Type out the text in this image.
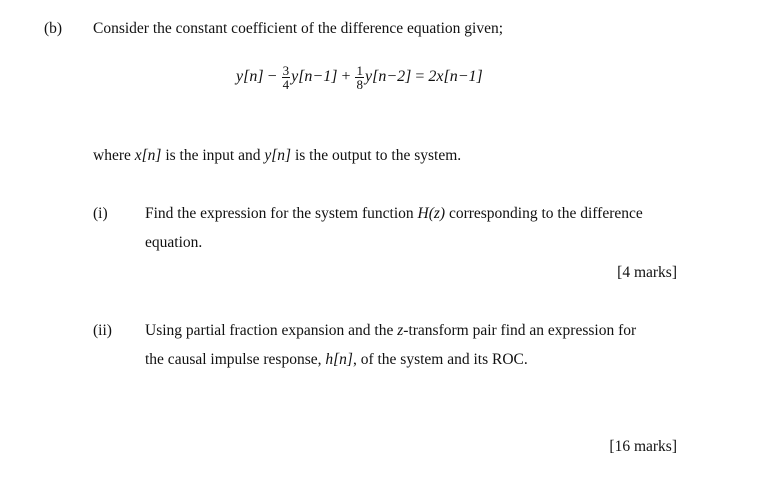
(b) Consider the constant coefficient of the difference equation given;
$y[n] - \frac{3}{4} y[n-1] + \frac{1}{8} y[n-2] = 2x[n-1]$
where x[n] is the input and y[n] is the output to the system.
(i) Find the expression for the system function H(z) corresponding to the difference
equation.
[4 marks]
(ii) Using partial fraction expansion and the z-transform pair find an expression for
the causal impulse response, h[n], of the system and its ROC.
[16 marks]
